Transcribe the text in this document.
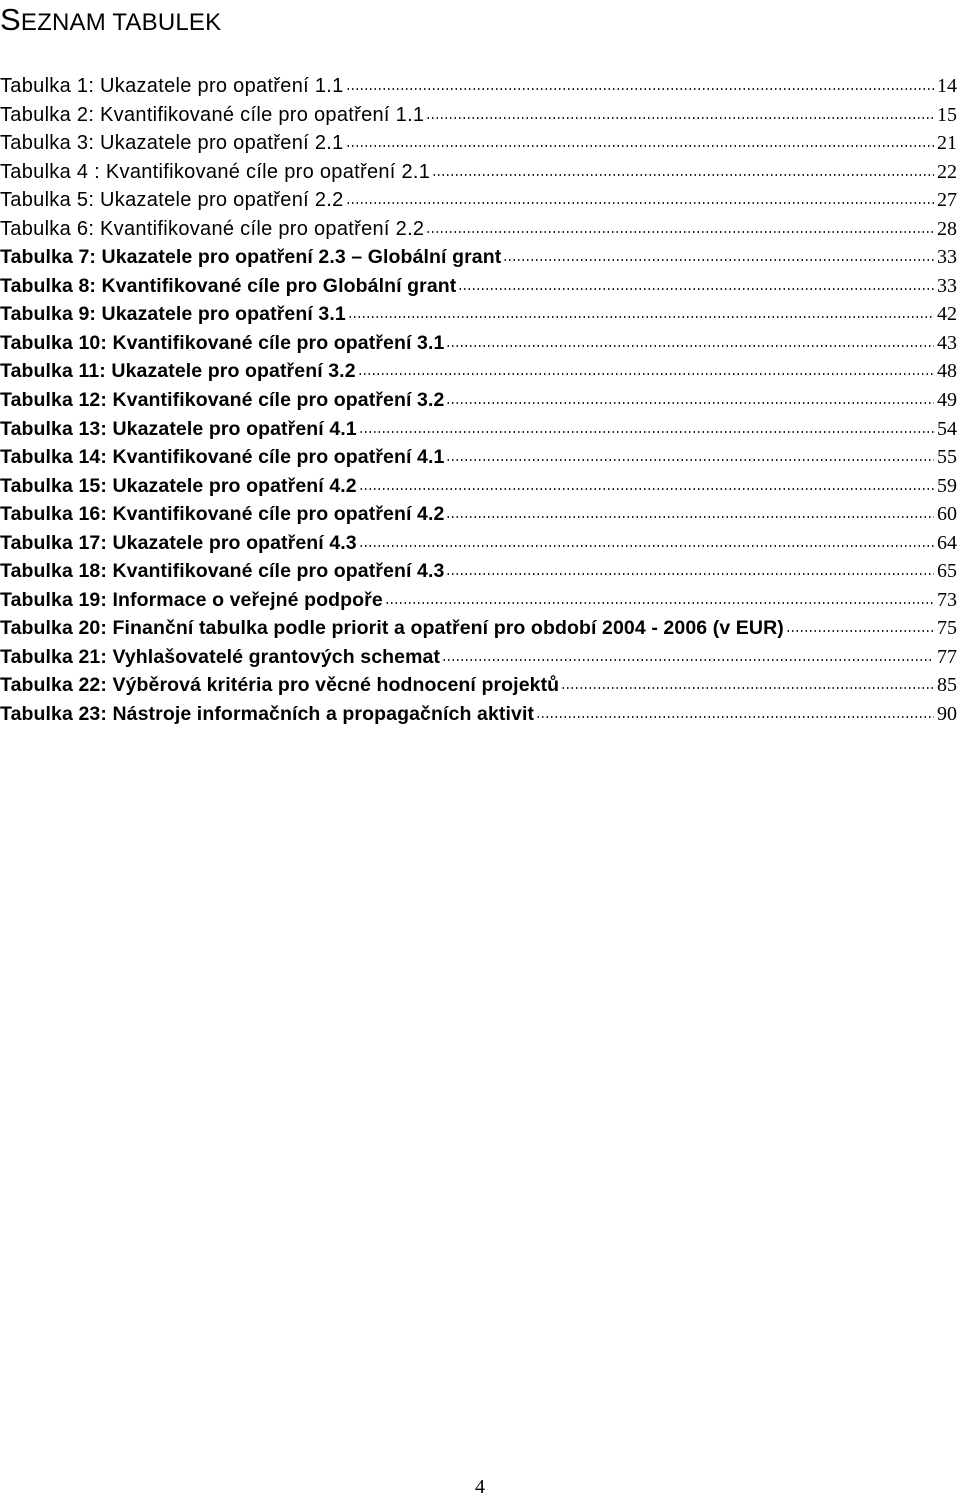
SEZNAM TABULEK
Tabulka 1: Ukazatele pro opatření 1.1	14
Tabulka 2: Kvantifikované cíle pro opatření 1.1	15
Tabulka 3: Ukazatele pro opatření 2.1	21
Tabulka 4 : Kvantifikované cíle pro opatření 2.1	22
Tabulka 5: Ukazatele pro opatření 2.2	27
Tabulka 6: Kvantifikované cíle pro opatření 2.2	28
Tabulka 7: Ukazatele pro opatření 2.3 – Globální grant	33
Tabulka 8: Kvantifikované cíle pro Globální grant	33
Tabulka 9: Ukazatele pro opatření 3.1	42
Tabulka 10: Kvantifikované cíle pro opatření 3.1	43
Tabulka 11: Ukazatele pro opatření 3.2	48
Tabulka 12: Kvantifikované cíle pro opatření 3.2	49
Tabulka 13: Ukazatele pro opatření 4.1	54
Tabulka 14: Kvantifikované cíle pro opatření 4.1	55
Tabulka 15: Ukazatele pro opatření 4.2	59
Tabulka 16: Kvantifikované cíle pro opatření 4.2	60
Tabulka 17: Ukazatele pro opatření 4.3	64
Tabulka 18: Kvantifikované cíle pro opatření 4.3	65
Tabulka 19: Informace o veřejné podpoře	73
Tabulka 20: Finanční tabulka podle priorit a opatření pro období 2004 - 2006 (v EUR)	75
Tabulka 21: Vyhlašovatelé grantových schemat	77
Tabulka 22: Výběrová kritéria pro věcné hodnocení projektů	85
Tabulka 23: Nástroje informačních a propagačních aktivit	90
4
